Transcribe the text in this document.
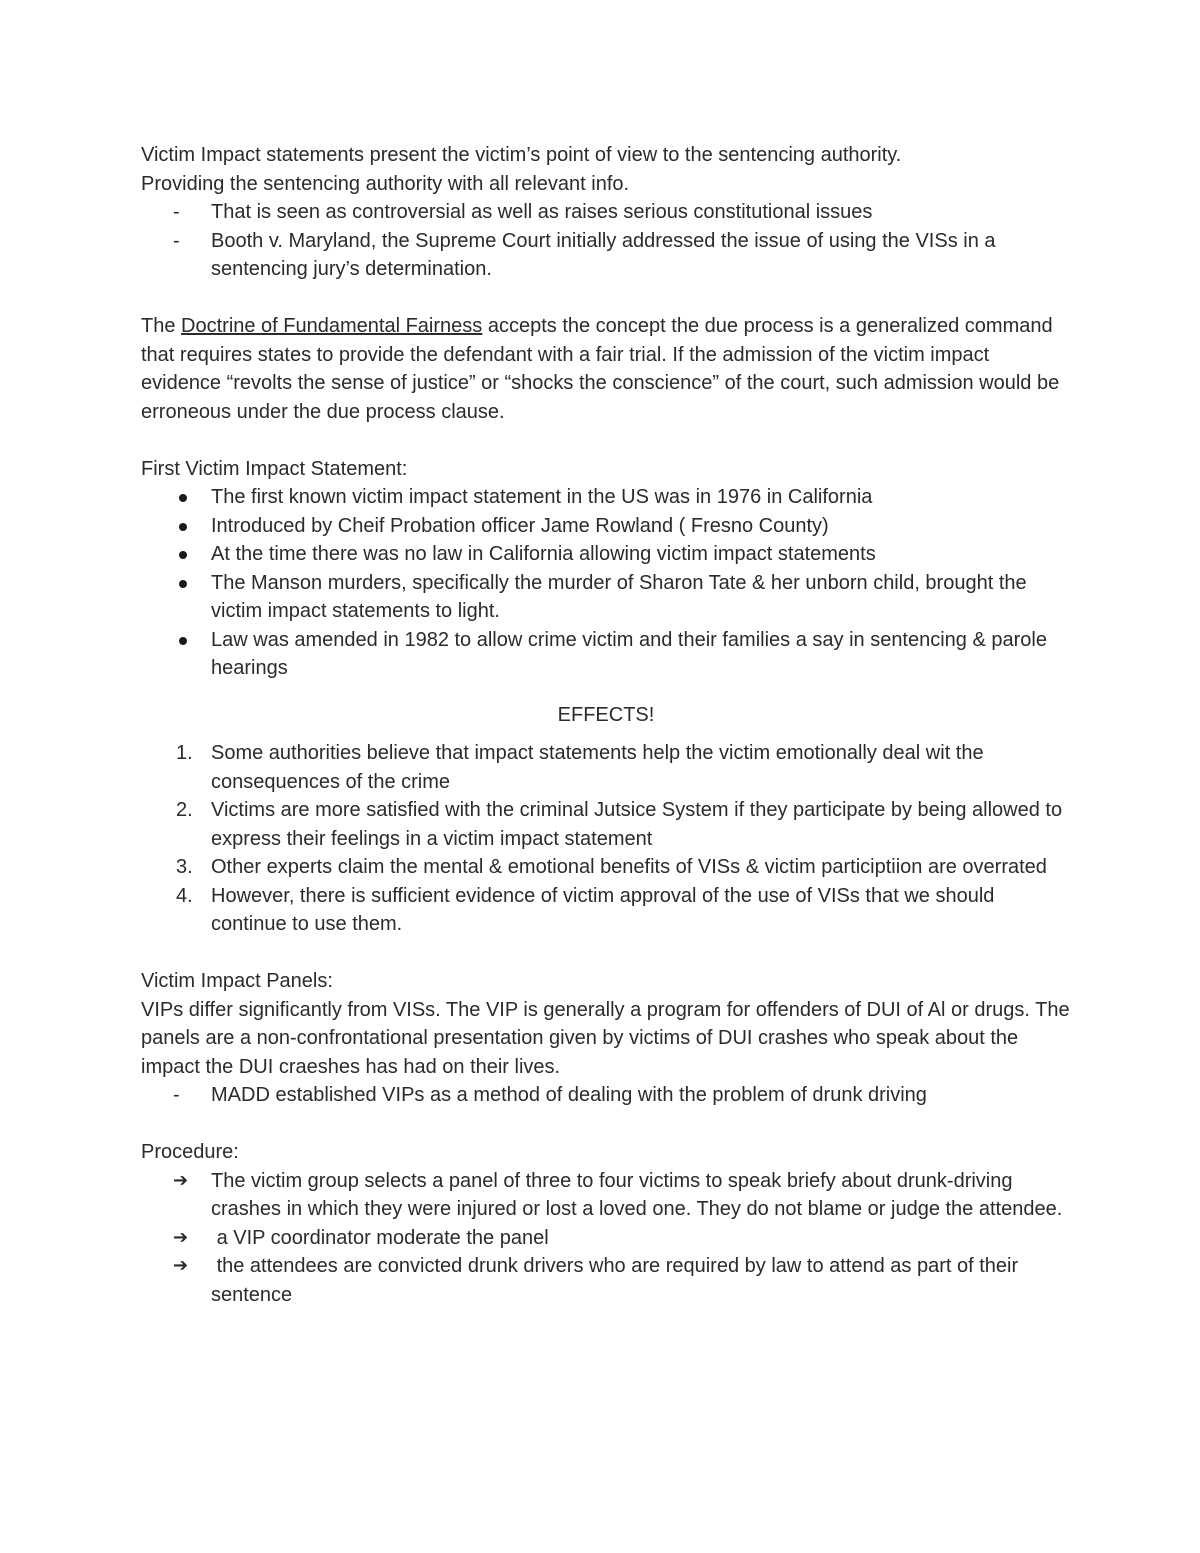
Victim Impact statements present the victim’s point of view to the sentencing authority.

Providing the sentencing authority with all relevant info.

-	That is seen as controversial as well as raises serious constitutional issues
-	Booth v. Maryland, the Supreme Court initially addressed the issue of using the VISs in a sentencing jury’s determination.

The Doctrine of Fundamental Fairness accepts the concept the due process is a generalized command that requires states to provide the defendant with a fair trial. If the admission of the victim impact evidence “revolts the sense of justice” or “shocks the conscience” of the court, such admission would be erroneous under the due process clause.

First Victim Impact Statement:

The first known victim impact statement in the US was in 1976 in California
Introduced by Cheif Probation officer Jame Rowland ( Fresno County)
At the time there was no law in California allowing victim impact statements
The Manson murders, specifically the murder of Sharon Tate & her unborn child, brought the victim impact statements to light.
Law was amended in 1982 to allow crime victim and their families a say in sentencing & parole hearings

EFFECTS!

1. Some authorities believe that impact statements help the victim emotionally deal wit the consequences of the crime
2. Victims are more satisfied with the criminal Jutsice System if they participate by being allowed to express their feelings in a victim impact statement
3. Other experts claim the mental & emotional benefits of VISs & victim participtiion are overrated
4. However, there is sufficient evidence of victim approval of the use of VISs that we should continue to use them.

Victim Impact Panels:

VIPs differ significantly from VISs. The VIP is generally a program for offenders of DUI of Al or drugs. The panels are a non-confrontational presentation given by victims of DUI crashes who speak about the impact the DUI craeshes has had on their lives.

-	MADD established VIPs as a method of dealing with the problem of drunk driving

Procedure:

➔	The victim group selects a panel of three to four victims to speak briefy about drunk-driving crashes in which they were injured or lost a loved one. They do not blame or judge the attendee.
➔	a VIP coordinator moderate the panel
➔	the attendees are convicted drunk drivers who are required by law to attend as part of their sentence
